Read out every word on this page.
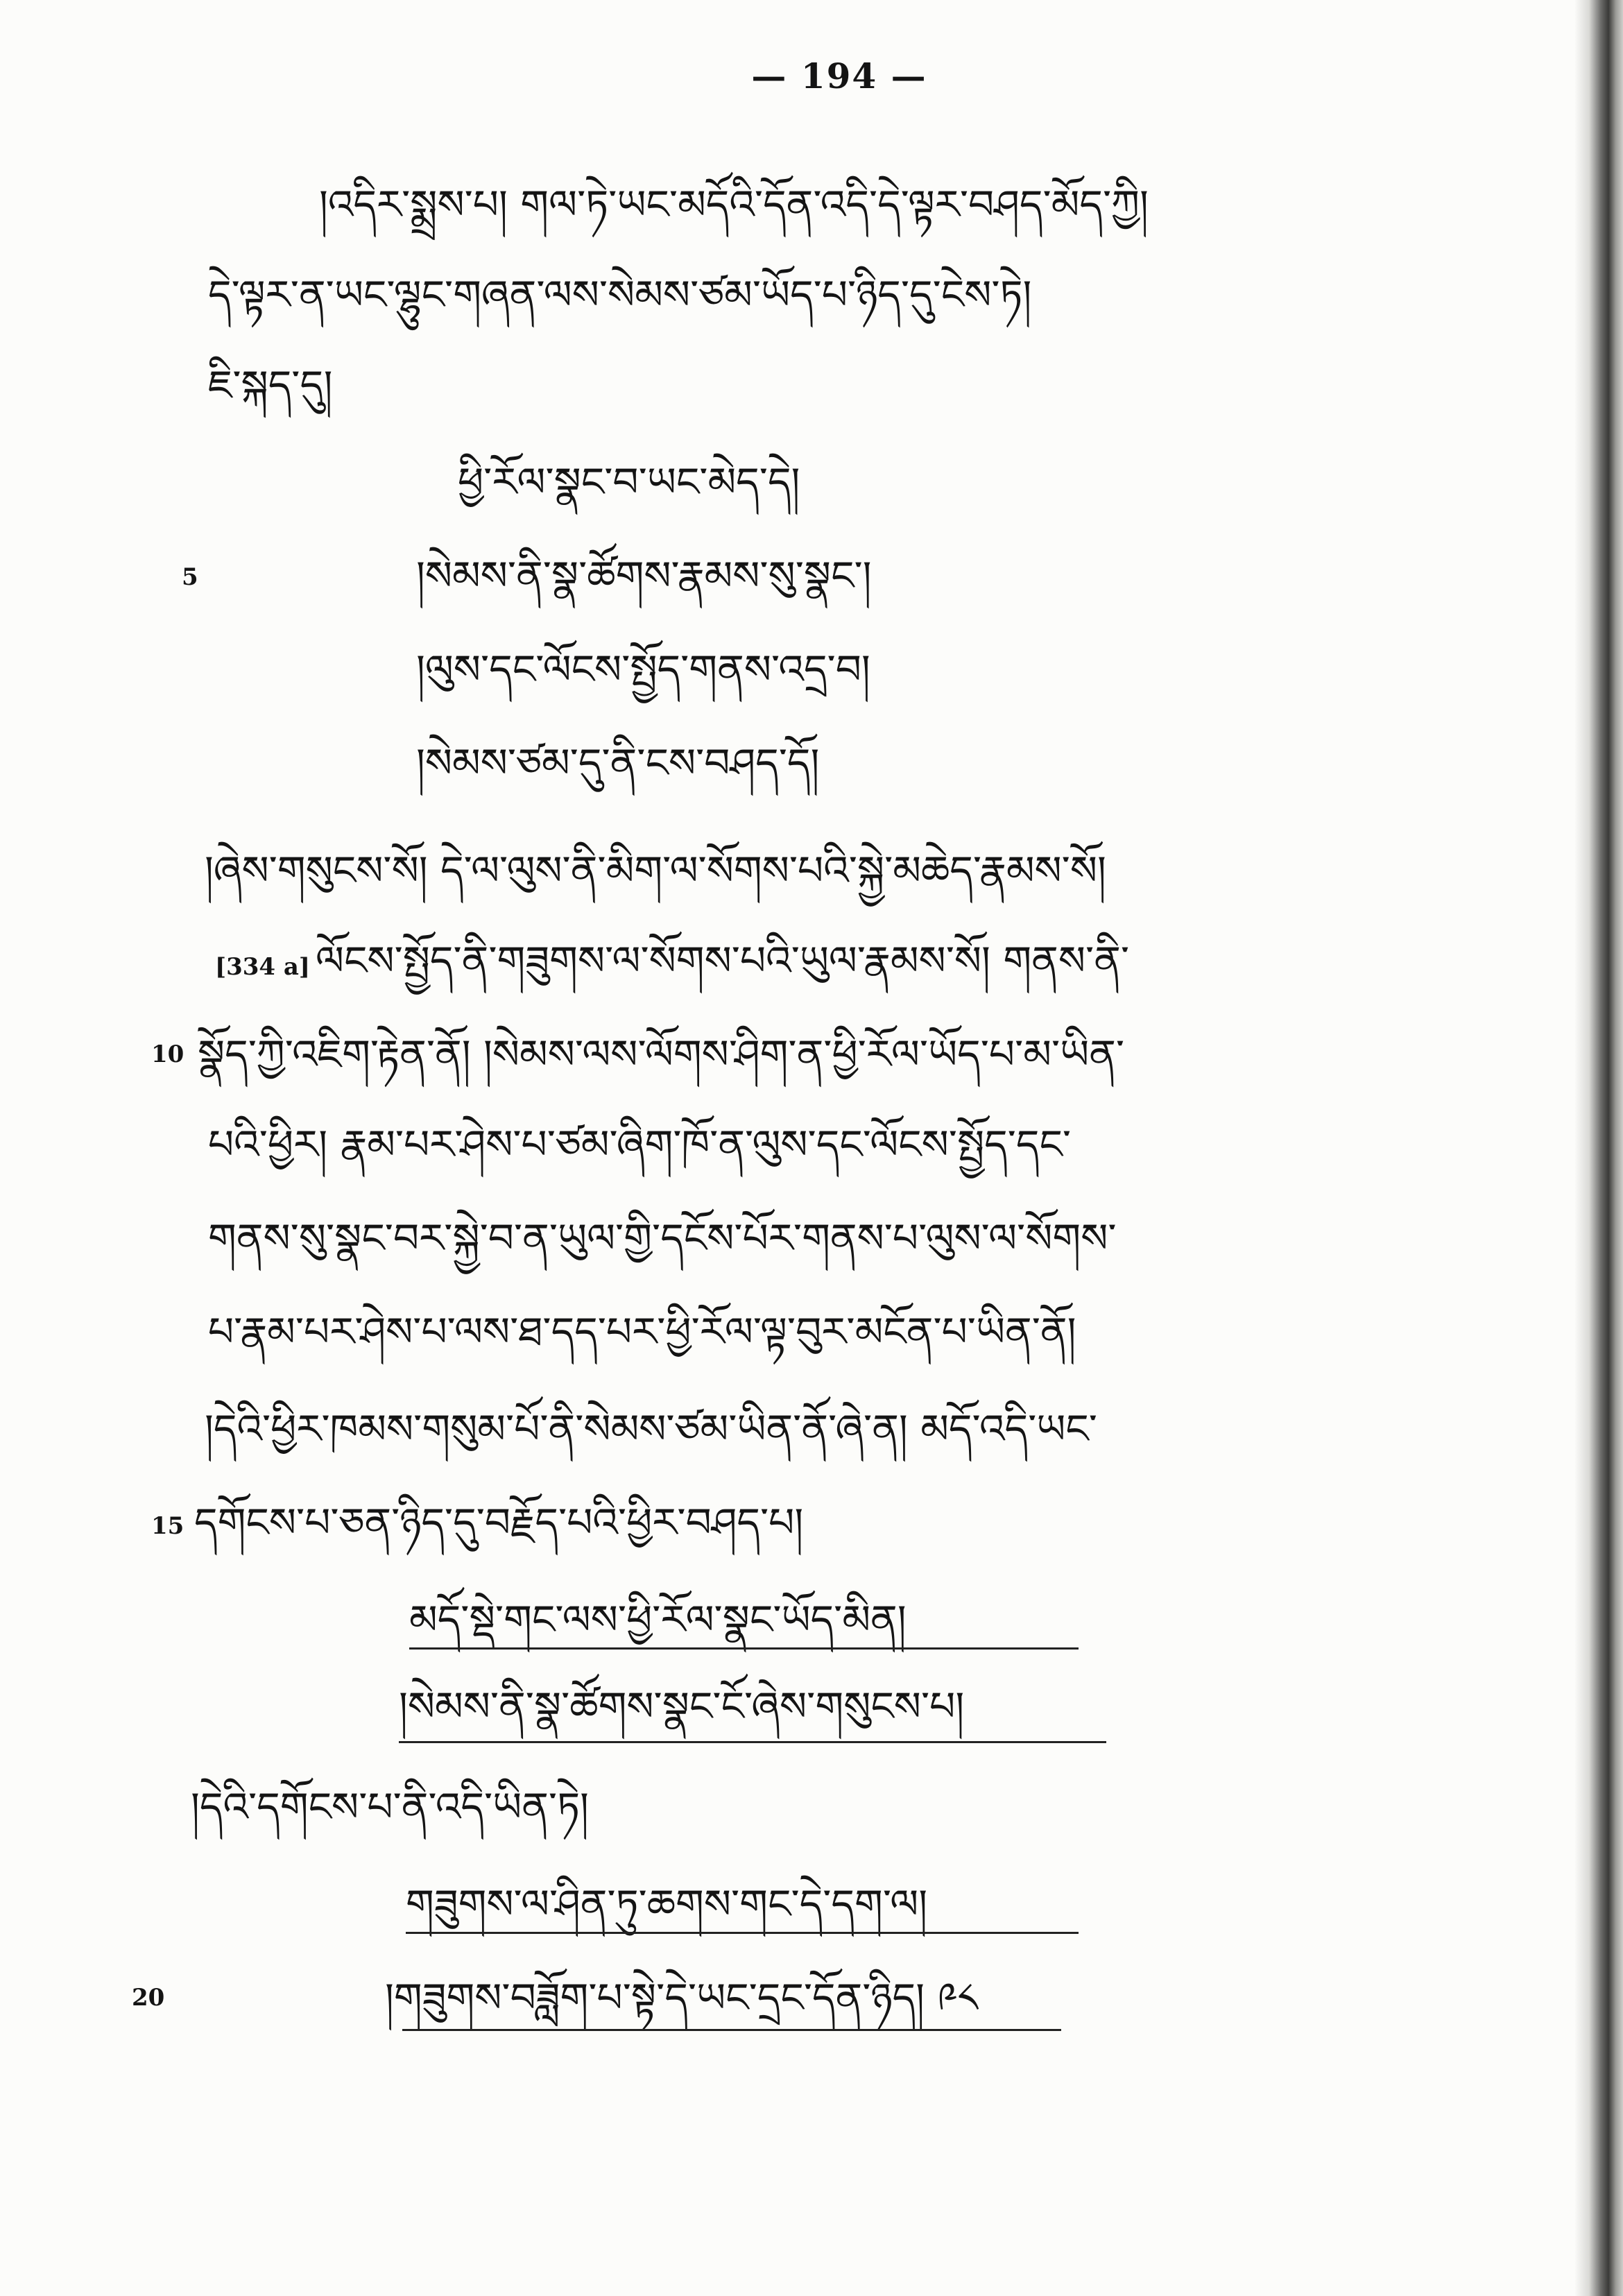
— 194 —
།འདིར་སྨྲས་པ། གལ་ཏེ་ཡང་མདོའི་དོན་འདི་དེ་ལྟར་བཤད་མོད་ཀྱི།
དེ་ལྟར་ན་ཡང་ལྷུང་གཞན་ལས་སེམས་ཙམ་ཡོད་པ་ཉིད་དུ་ངེས་ཏེ།
ཇི་སྐད་དུ།
ཕྱི་རོལ་སྣང་བ་ཡང་མེད་དེ།
5	།སེམས་ནི་སྣ་ཚོགས་རྣམས་སུ་སྣང་།
།ལུས་དང་ལོངས་སྤྱོད་གནས་འདྲ་བ།
།སེམས་ཙམ་དུ་ནི་ངས་བཤད་དོ།
།ཞེས་གསུངས་སོ། དེ་ལ་ལུས་ནི་མིག་ལ་སོགས་པའི་སྐྱེ་མཆེད་རྣམས་སོ།
[334 a] ལོངས་སྤྱོད་ནི་གཟུགས་ལ་སོགས་པའི་ཡུལ་རྣམས་སོ། གནས་ནི་
10 སྣོད་ཀྱི་འཇིག་རྟེན་ནོ། །སེམས་ལས་ལོགས་ཤིག་ན་ཕྱི་རོལ་ཡོད་པ་མ་ཡིན་
པའི་ཕྱིར། རྣམ་པར་ཤེས་པ་ཙམ་ཞིག་ཁོ་ན་ལུས་དང་ལོངས་སྤྱོད་དང་
གནས་སུ་སྣང་བར་སྐྱེ་བ་ན་ཡུལ་གྱི་དངོས་པོར་གནས་པ་ལུས་ལ་སོགས་
པ་རྣམ་པར་ཤེས་པ་ལས་ཐ་དད་པར་ཕྱི་རོལ་ལྟ་བུར་མངོན་པ་ཡིན་ནོ།
།དེའི་ཕྱིར་ཁམས་གསུམ་པོ་ནི་སེམས་ཙམ་ཡིན་ནོ་ཞེ་ན། མདོ་འདི་ཡང་
15 དགོངས་པ་ཅན་ཉིད་དུ་བརྗོད་པའི་ཕྱིར་བཤད་པ།
མདོ་སྡེ་གང་ལས་ཕྱི་རོལ་སྣང་ཡོད་མིན།
།སེམས་ནི་སྣ་ཚོགས་སྣང་ངོ་ཞེས་གསུངས་པ།
།དེའི་དགོངས་པ་ནི་འདི་ཡིན་ཏེ།
གཟུགས་ལ་ཤིན་ཏུ་ཆགས་གང་དེ་དག་ལ།
20	།གཟུགས་བཟློག་པ་སྟེ་དེ་ཡང་དྲང་དོན་ཉིད། ༩༨
